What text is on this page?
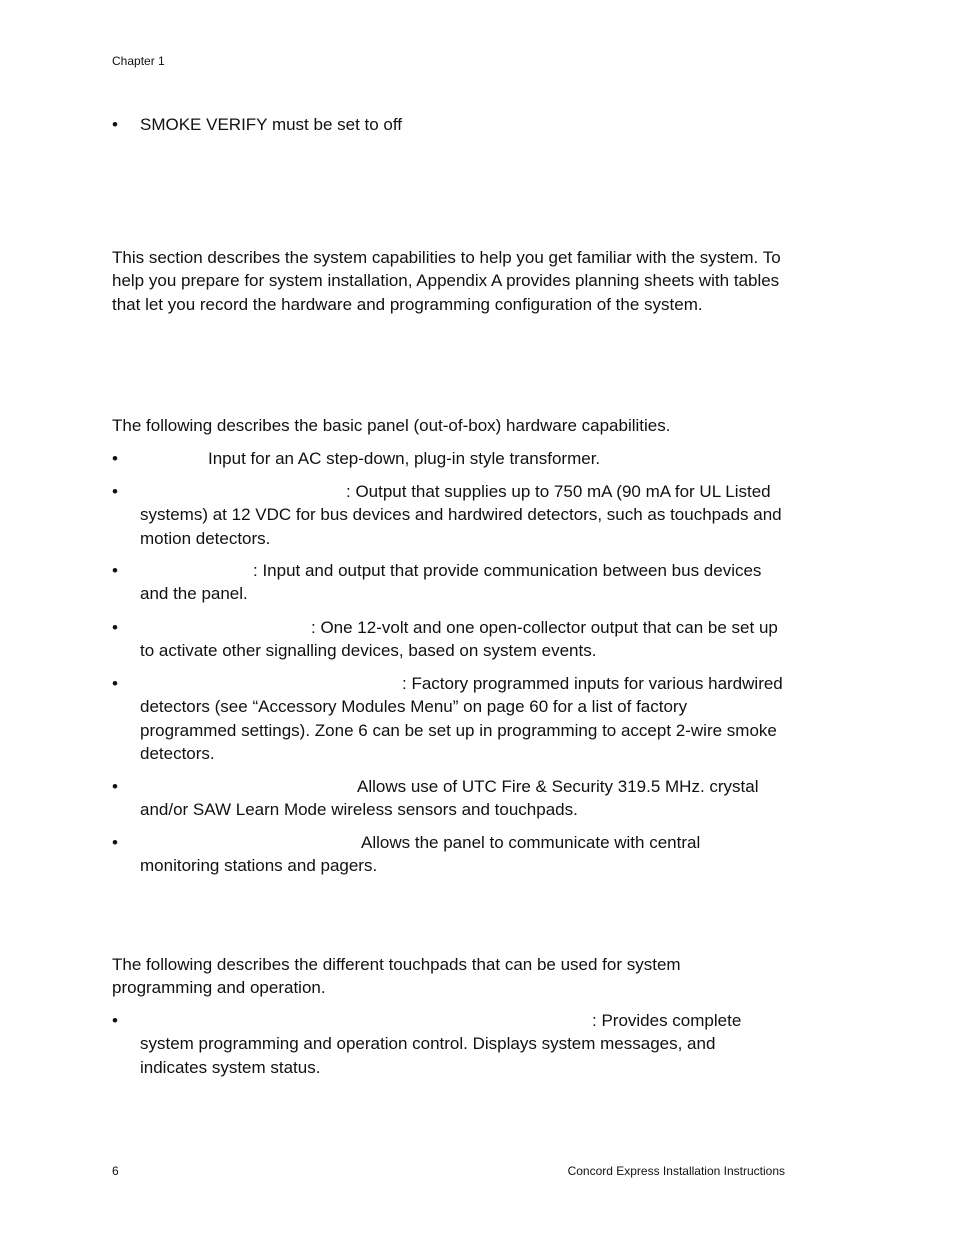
Chapter 1
•	SMOKE VERIFY must be set to off

This section describes the system capabilities to help you get familiar with the system. To help you prepare for system installation, Appendix A provides planning sheets with tables that let you record the hardware and programming configuration of the system.

The following describes the basic panel (out-of-box) hardware capabilities.

•	Input for an AC step-down, plug-in style transformer.
•	: Output that supplies up to 750 mA (90 mA for UL Listed systems) at 12 VDC for bus devices and hardwired detectors, such as touchpads and motion detectors.
•	: Input and output that provide communication between bus devices and the panel.
•	: One 12-volt and one open-collector output that can be set up to activate other signalling devices, based on system events.
•	: Factory programmed inputs for various hardwired detectors (see “Accessory Modules Menu” on page 60 for a list of factory programmed settings). Zone 6 can be set up in programming to accept 2-wire smoke detectors.
•	Allows use of UTC Fire & Security 319.5 MHz. crystal and/or SAW Learn Mode wireless sensors and touchpads.
•	Allows the panel to communicate with central monitoring stations and pagers.

The following describes the different touchpads that can be used for system programming and operation.

•	: Provides complete system programming and operation control. Displays system messages, and indicates system status.
6	Concord Express Installation Instructions
